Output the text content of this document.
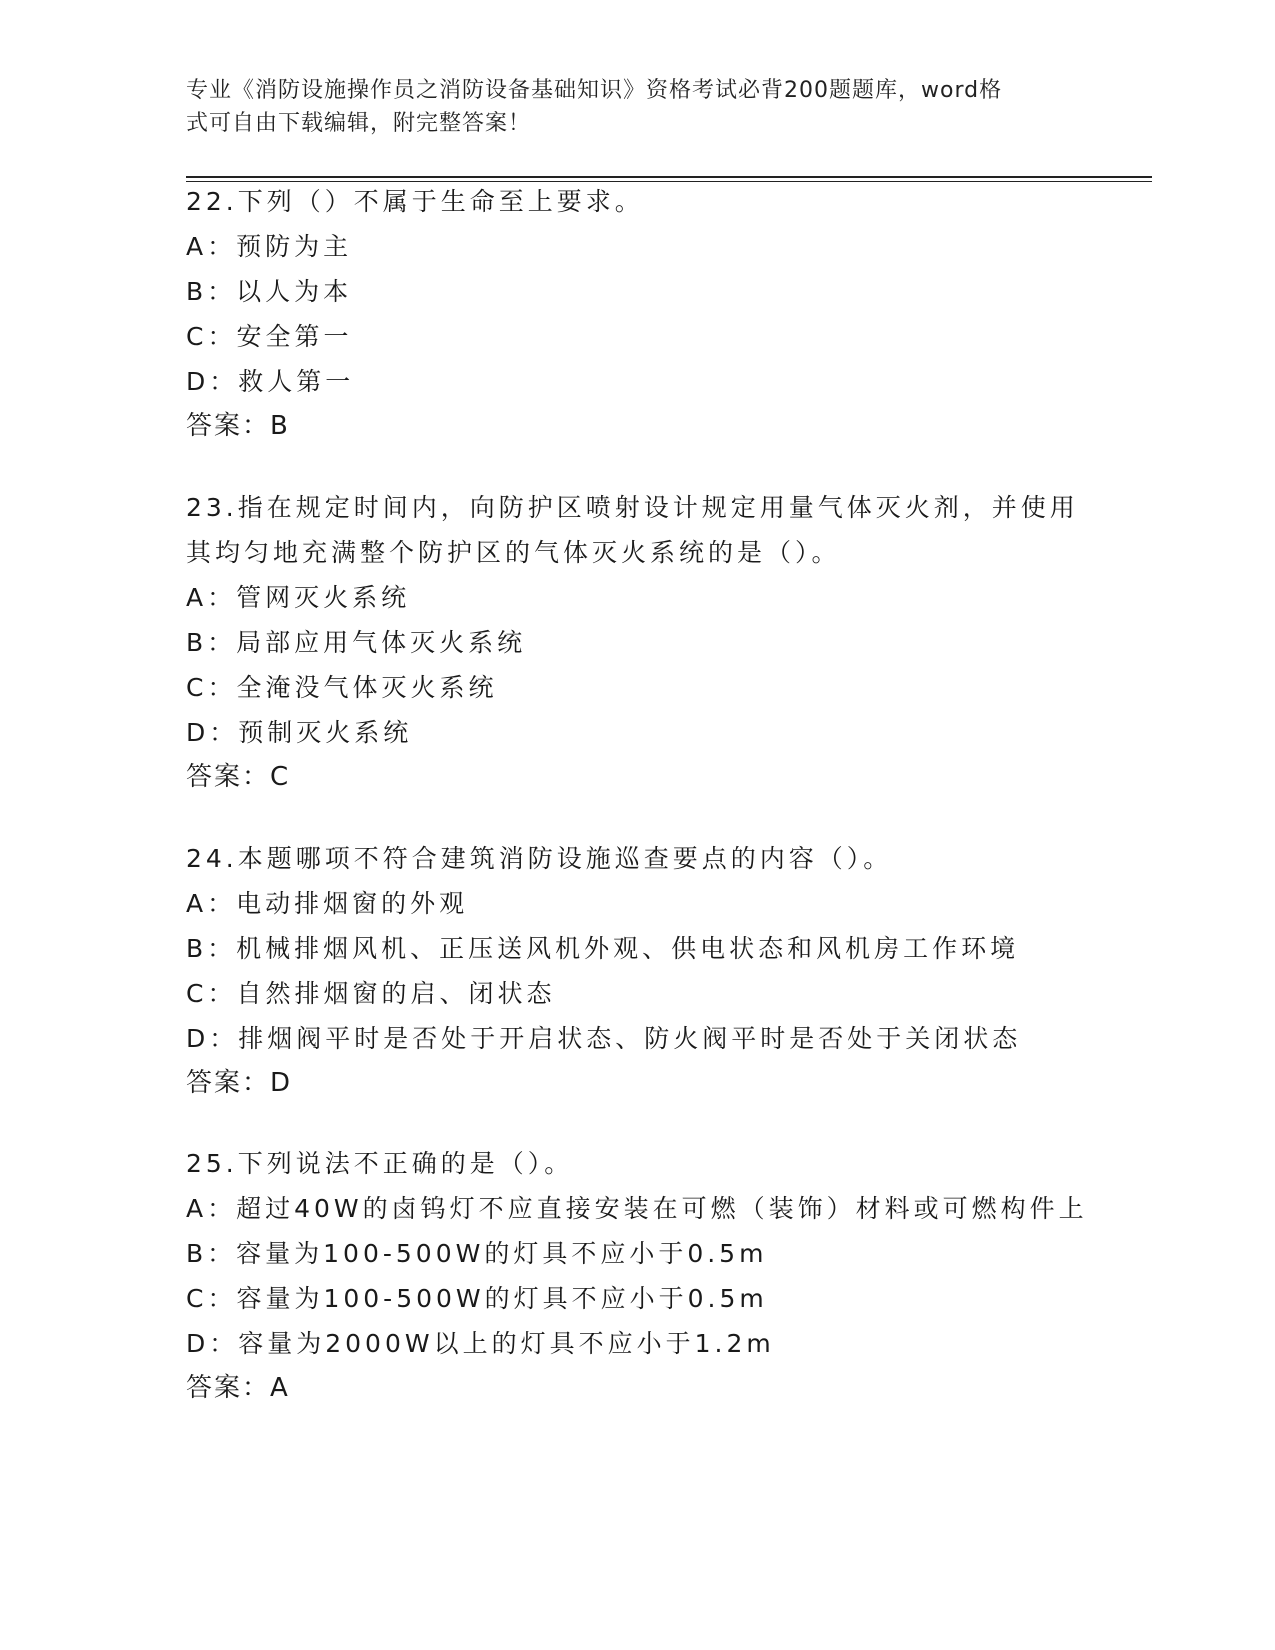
专业《消防设施操作员之消防设备基础知识》资格考试必背200题题库，word格
式可自由下载编辑，附完整答案！
22.下列（）不属于生命至上要求。
A：预防为主
B：以人为本
C：安全第一
D：救人第一
答案：B
23.指在规定时间内，向防护区喷射设计规定用量气体灭火剂，并使用
其均匀地充满整个防护区的气体灭火系统的是（）。
A：管网灭火系统
B：局部应用气体灭火系统
C：全淹没气体灭火系统
D：预制灭火系统
答案：C
24.本题哪项不符合建筑消防设施巡查要点的内容（）。
A：电动排烟窗的外观
B：机械排烟风机、正压送风机外观、供电状态和风机房工作环境
C：自然排烟窗的启、闭状态
D：排烟阀平时是否处于开启状态、防火阀平时是否处于关闭状态
答案：D
25.下列说法不正确的是（）。
A：超过40W的卤钨灯不应直接安装在可燃（装饰）材料或可燃构件上
B：容量为100-500W的灯具不应小于0.5m
C：容量为100-500W的灯具不应小于0.5m
D：容量为2000W以上的灯具不应小于1.2m
答案：A
